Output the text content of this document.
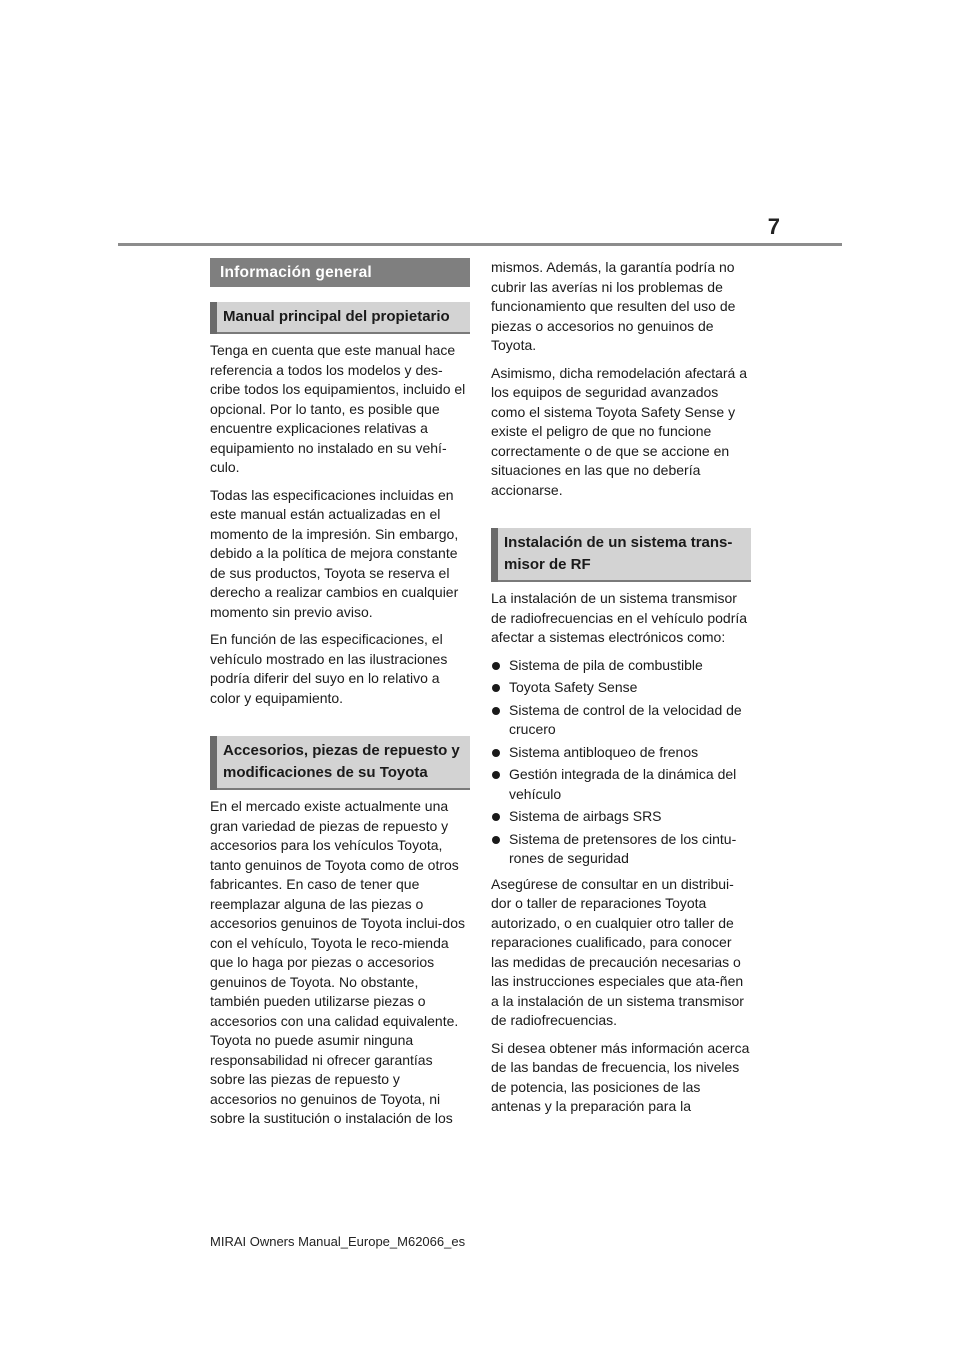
7
Información general
Manual principal del propietario

Tenga en cuenta que este manual hace referencia a todos los modelos y des-cribe todos los equipamientos, incluido el opcional. Por lo tanto, es posible que encuentre explicaciones relativas a equipamiento no instalado en su vehí-culo.

Todas las especificaciones incluidas en este manual están actualizadas en el momento de la impresión. Sin embargo, debido a la política de mejora constante de sus productos, Toyota se reserva el derecho a realizar cambios en cualquier momento sin previo aviso.

En función de las especificaciones, el vehículo mostrado en las ilustraciones podría diferir del suyo en lo relativo a color y equipamiento.

Accesorios, piezas de repuesto y modificaciones de su Toyota

En el mercado existe actualmente una gran variedad de piezas de repuesto y accesorios para los vehículos Toyota, tanto genuinos de Toyota como de otros fabricantes. En caso de tener que reemplazar alguna de las piezas o accesorios genuinos de Toyota inclui-dos con el vehículo, Toyota le reco-mienda que lo haga por piezas o accesorios genuinos de Toyota. No obstante, también pueden utilizarse piezas o accesorios con una calidad equivalente. Toyota no puede asumir ninguna responsabilidad ni ofrecer garantías sobre las piezas de repuesto y accesorios no genuinos de Toyota, ni sobre la sustitución o instalación de los

mismos. Además, la garantía podría no cubrir las averías ni los problemas de funcionamiento que resulten del uso de piezas o accesorios no genuinos de Toyota.

Asimismo, dicha remodelación afectará a los equipos de seguridad avanzados como el sistema Toyota Safety Sense y existe el peligro de que no funcione correctamente o de que se accione en situaciones en las que no debería accionarse.

Instalación de un sistema trans-misor de RF

La instalación de un sistema transmisor de radiofrecuencias en el vehículo podría afectar a sistemas electrónicos como:

Sistema de pila de combustible
Toyota Safety Sense
Sistema de control de la velocidad de crucero
Sistema antibloqueo de frenos
Gestión integrada de la dinámica del vehículo
Sistema de airbags SRS
Sistema de pretensores de los cintu-rones de seguridad

Asegúrese de consultar en un distribui-dor o taller de reparaciones Toyota autorizado, o en cualquier otro taller de reparaciones cualificado, para conocer las medidas de precaución necesarias o las instrucciones especiales que ata-ñen a la instalación de un sistema transmisor de radiofrecuencias.

Si desea obtener más información acerca de las bandas de frecuencia, los niveles de potencia, las posiciones de las antenas y la preparación para la

MIRAI Owners Manual_Europe_M62066_es
